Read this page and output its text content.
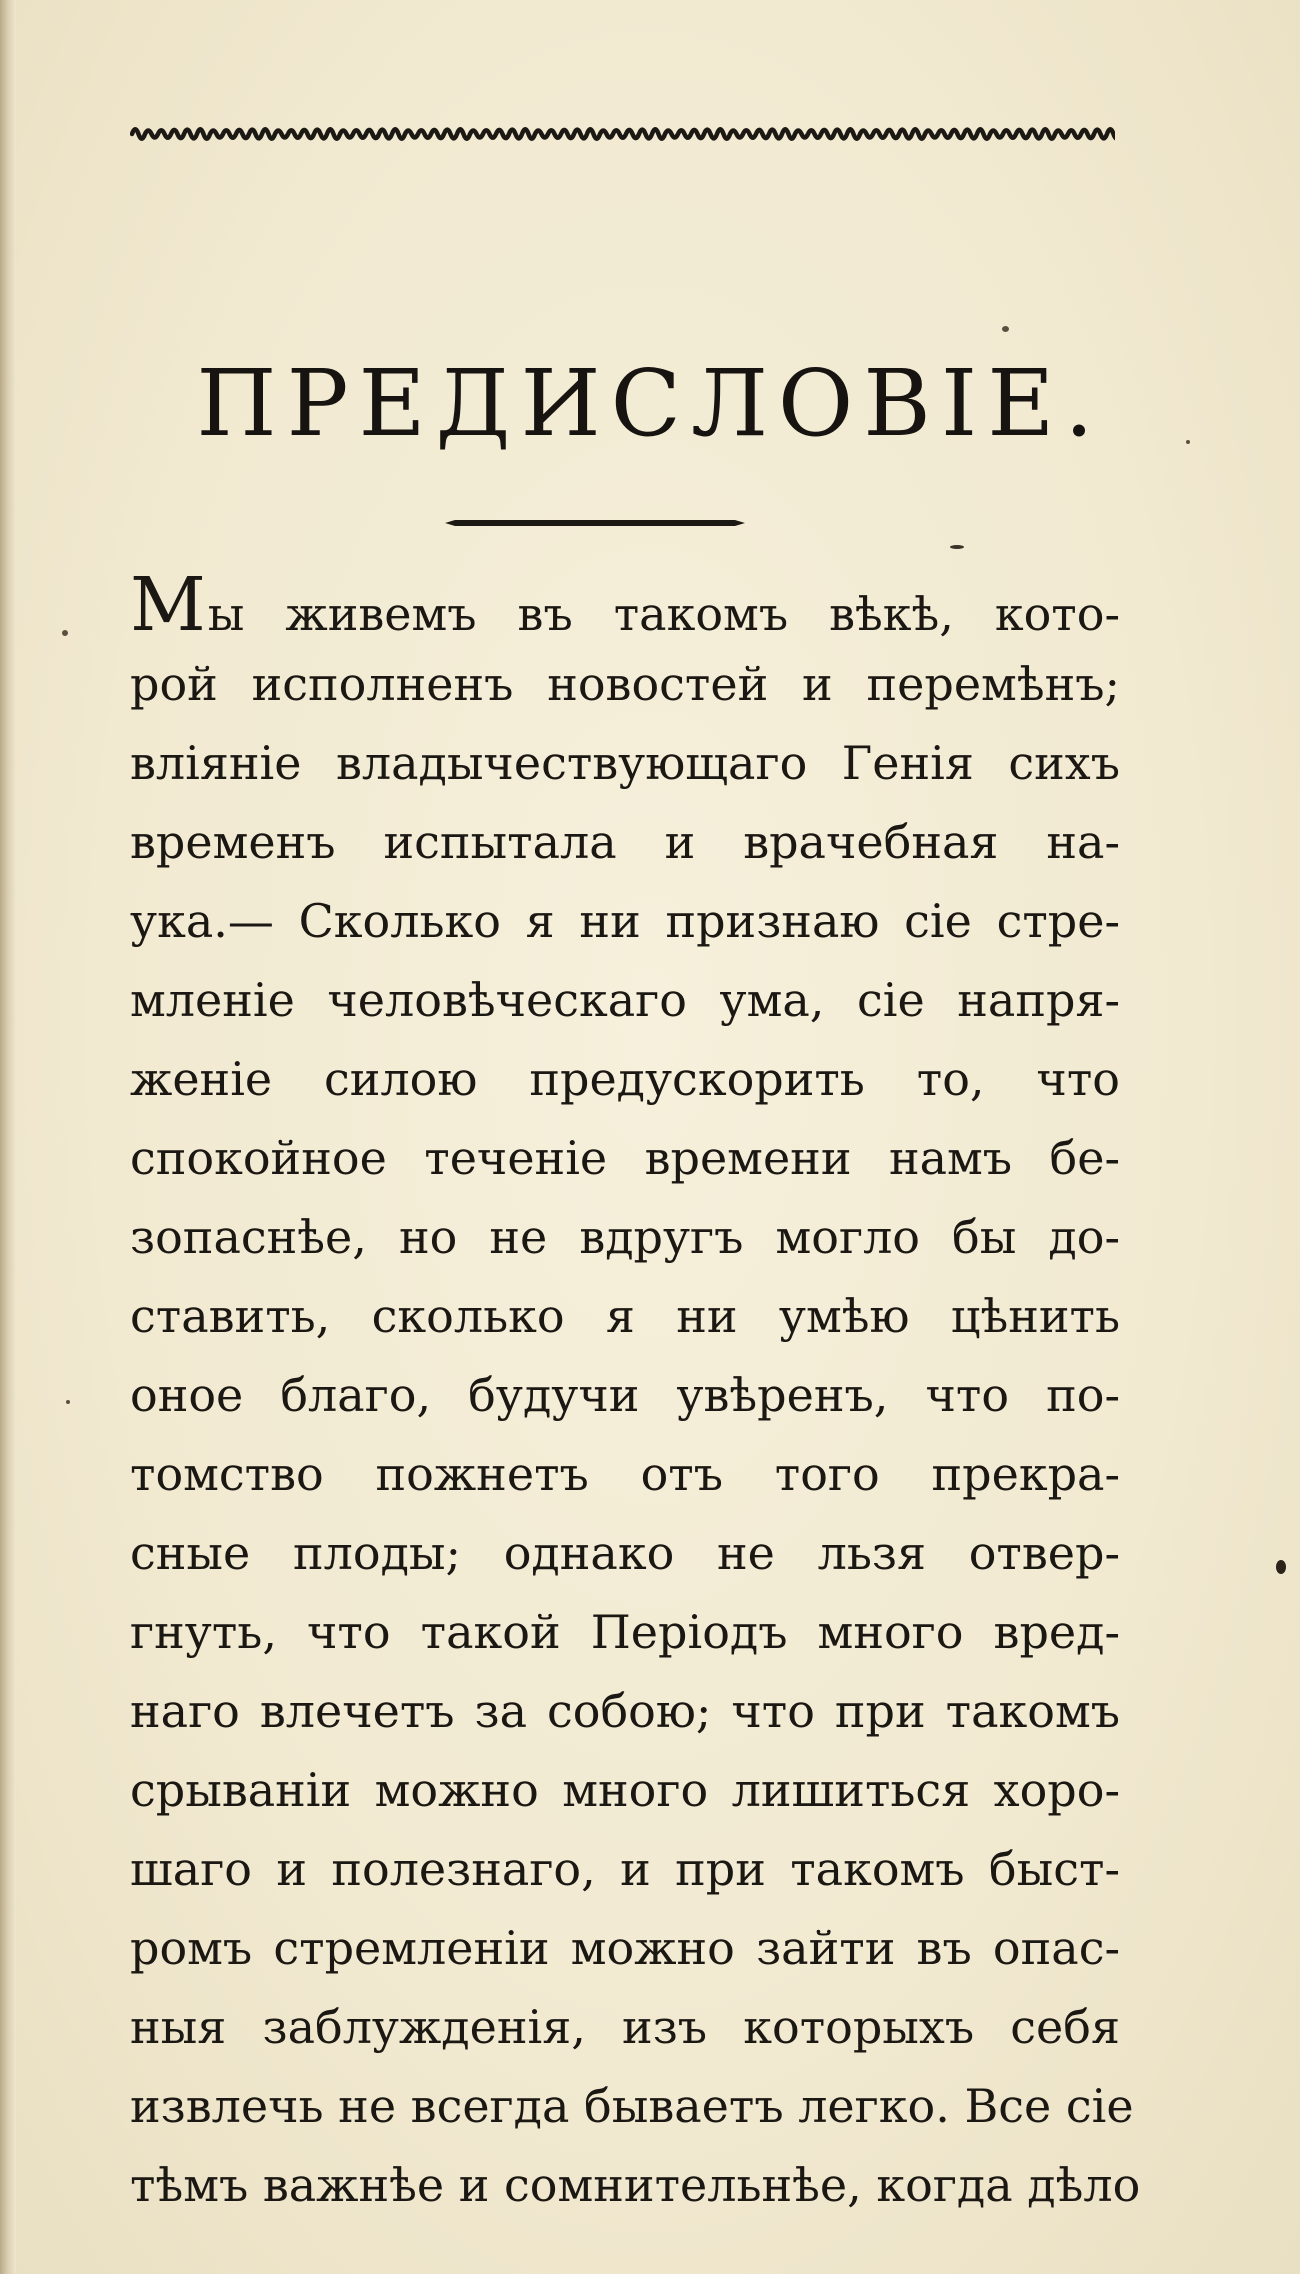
ПРЕДИСЛОВІЕ.
Мы живемъ въ такомъ вѣкѣ, кото-
рой исполненъ новостей и перемѣнъ;
вліяніе владычествующаго Генія сихъ
временъ испытала и врачебная на-
ука.— Сколько я ни признаю сіе стре-
мленіе человѣческаго ума, сіе напря-
женіе силою предускорить то, что
спокойное теченіе времени намъ бе-
зопаснѣе, но не вдругъ могло бы до-
ставить, сколько я ни умѣю цѣнить
оное благо, будучи увѣренъ, что по-
томство пожнетъ отъ того прекра-
сные плоды; однако не льзя отвер-
гнуть, что такой Періодъ много вред-
наго влечетъ за собою; что при такомъ
срываніи можно много лишиться хоро-
шаго и полезнаго, и при такомъ быст-
ромъ стремленіи можно зайти въ опас-
ныя заблужденія, изъ которыхъ себя
извлечь не всегда бываетъ легко. Все сіе
тѣмъ важнѣе и сомнительнѣе, когда дѣло
